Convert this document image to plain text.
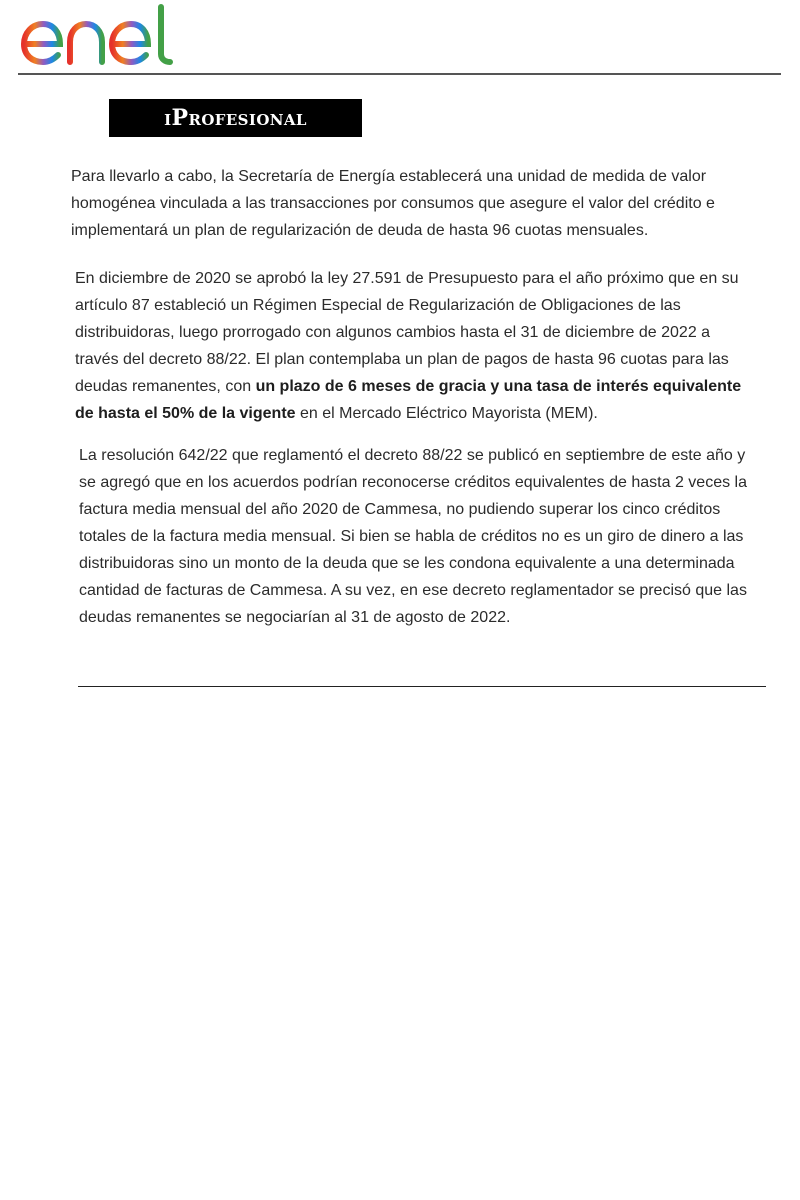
iProfesional

Para llevarlo a cabo, la Secretaría de Energía establecerá una unidad de medida de valor homogénea vinculada a las transacciones por consumos que asegure el valor del crédito e implementará un plan de regularización de deuda de hasta 96 cuotas mensuales.

En diciembre de 2020 se aprobó la ley 27.591 de Presupuesto para el año próximo que en su artículo 87 estableció un Régimen Especial de Regularización de Obligaciones de las distribuidoras, luego prorrogado con algunos cambios hasta el 31 de diciembre de 2022 a través del decreto 88/22. El plan contemplaba un plan de pagos de hasta 96 cuotas para las deudas remanentes, con un plazo de 6 meses de gracia y una tasa de interés equivalente de hasta el 50% de la vigente en el Mercado Eléctrico Mayorista (MEM).

La resolución 642/22 que reglamentó el decreto 88/22 se publicó en septiembre de este año y se agregó que en los acuerdos podrían reconocerse créditos equivalentes de hasta 2 veces la factura media mensual del año 2020 de Cammesa, no pudiendo superar los cinco créditos totales de la factura media mensual. Si bien se habla de créditos no es un giro de dinero a las distribuidoras sino un monto de la deuda que se les condona equivalente a una determinada cantidad de facturas de Cammesa. A su vez, en ese decreto reglamentador se precisó que las deudas remanentes se negociarían al 31 de agosto de 2022.
